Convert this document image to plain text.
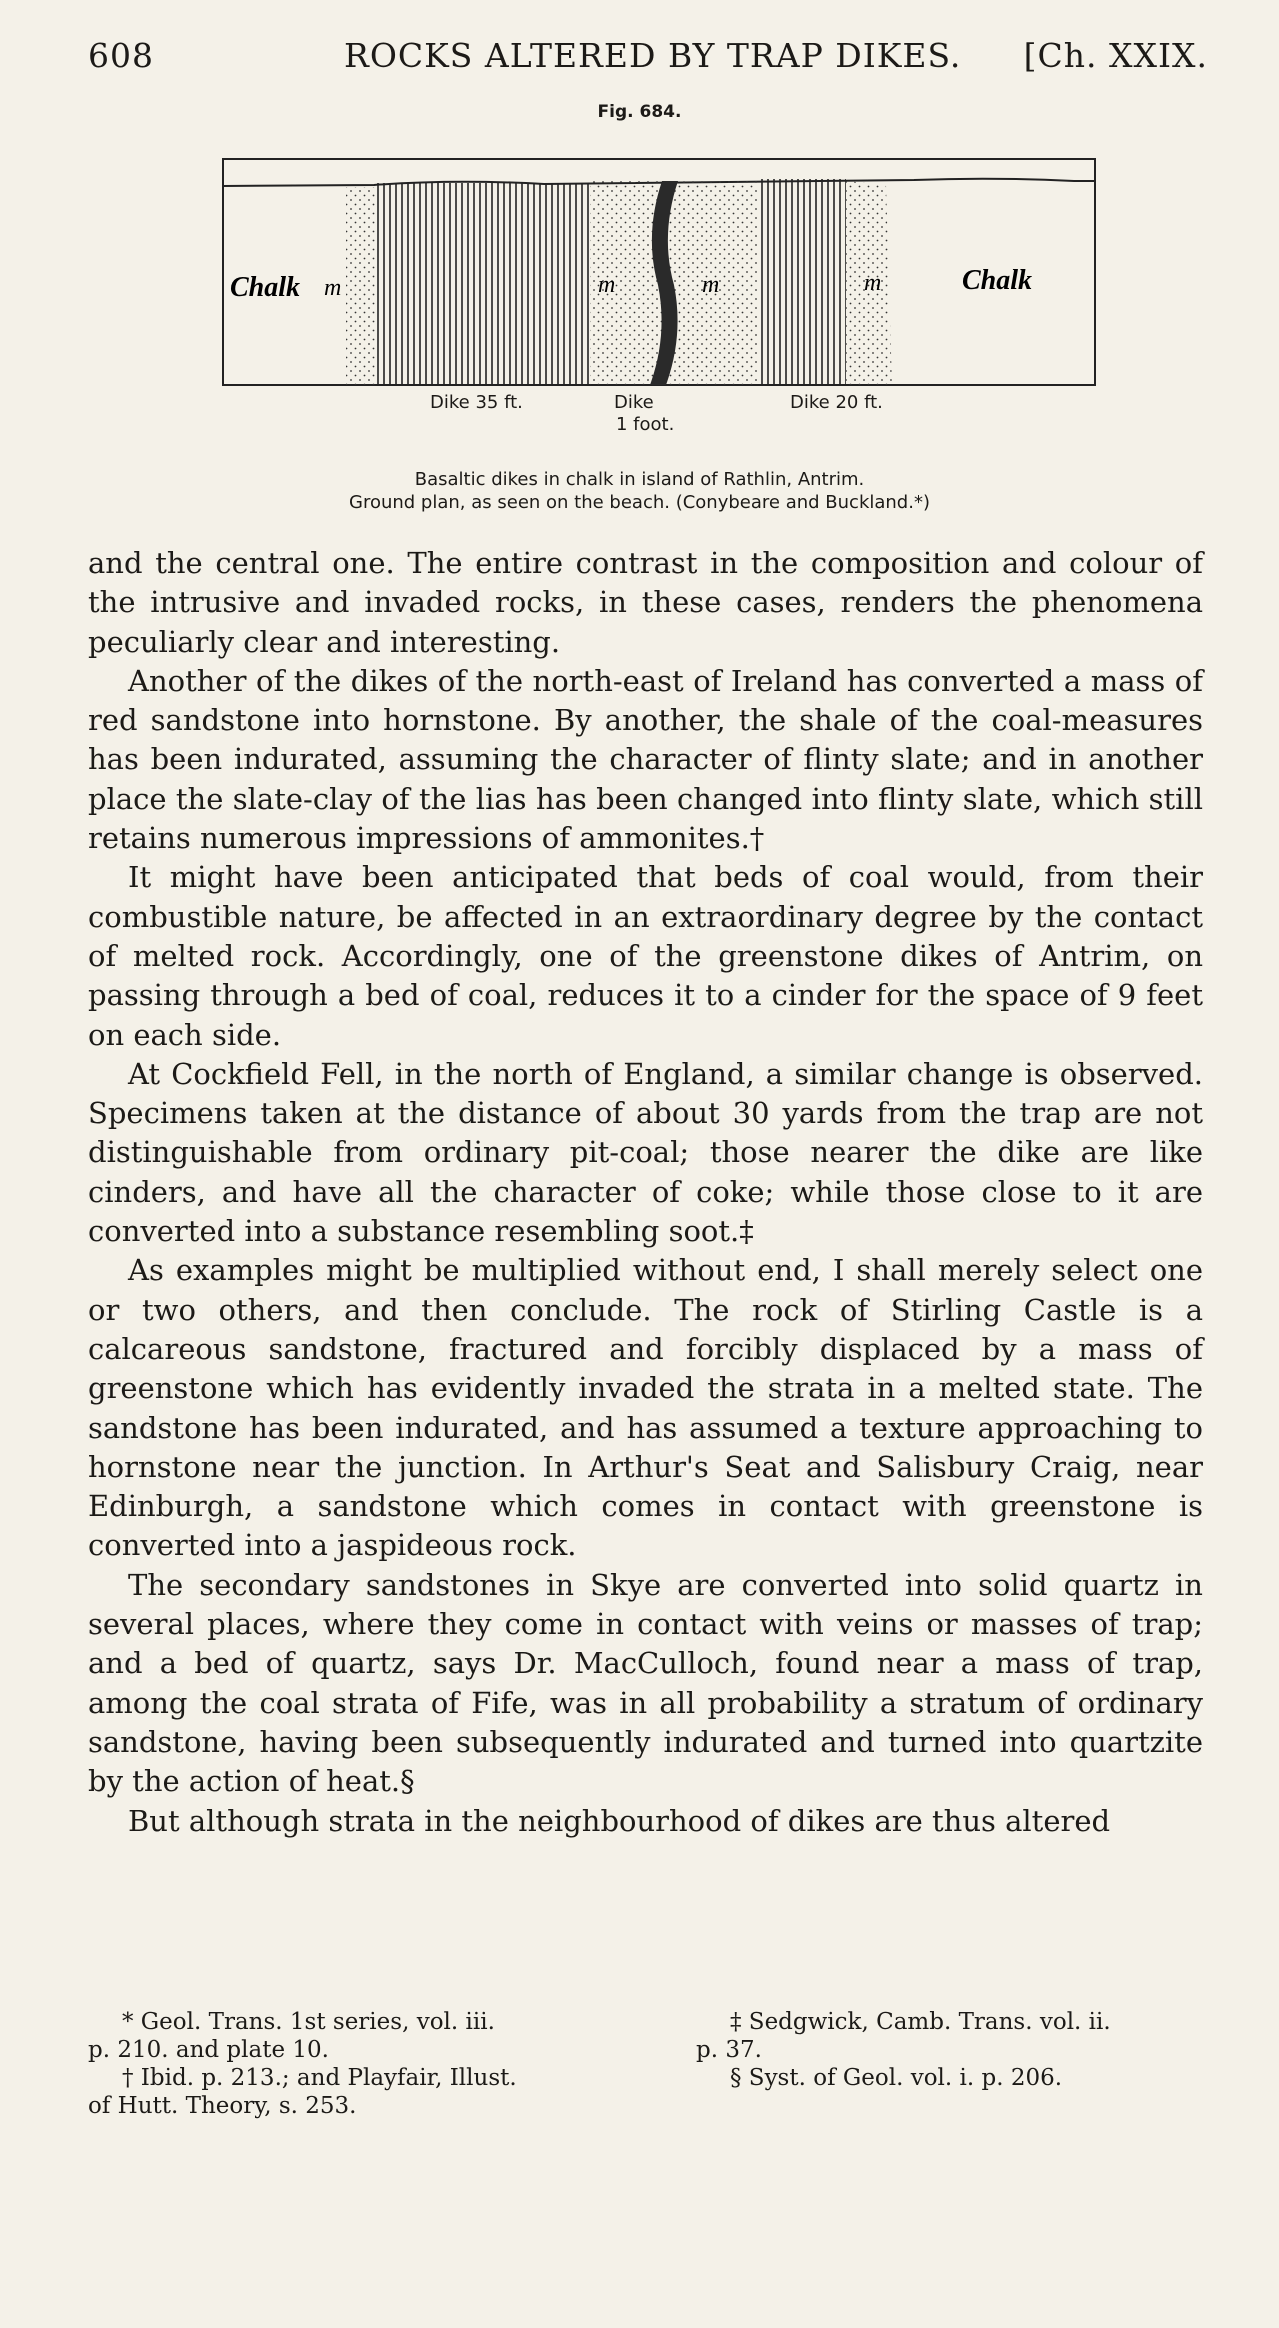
608	ROCKS ALTERED BY TRAP DIKES. [Ch. XXIX.
Fig. 684.
Chalk	Chalk
m	m	m	m
Dike 35 ft.	Dike
1 foot.
Dike 20 ft.
Basaltic dikes in chalk in island of Rathlin, Antrim.
Ground plan, as seen on the beach. (Conybeare and Buckland.*)

and the central one. The entire contrast in the composition and colour of the intrusive and invaded rocks, in these cases, renders the phenomena peculiarly clear and interesting.

Another of the dikes of the north-east of Ireland has converted a mass of red sandstone into hornstone. By another, the shale of the coal-measures has been indurated, assuming the character of flinty slate; and in another place the slate-clay of the lias has been changed into flinty slate, which still retains numerous impressions of ammonites.†

It might have been anticipated that beds of coal would, from their combustible nature, be affected in an extraordinary degree by the contact of melted rock. Accordingly, one of the greenstone dikes of Antrim, on passing through a bed of coal, reduces it to a cinder for the space of 9 feet on each side.

At Cockfield Fell, in the north of England, a similar change is observed. Specimens taken at the distance of about 30 yards from the trap are not distinguishable from ordinary pit-coal; those nearer the dike are like cinders, and have all the character of coke; while those close to it are converted into a substance resembling soot.‡

As examples might be multiplied without end, I shall merely select one or two others, and then conclude. The rock of Stirling Castle is a calcareous sandstone, fractured and forcibly displaced by a mass of greenstone which has evidently invaded the strata in a melted state. The sandstone has been indurated, and has assumed a texture approaching to hornstone near the junction. In Arthur's Seat and Salisbury Craig, near Edinburgh, a sandstone which comes in contact with greenstone is converted into a jaspideous rock.

The secondary sandstones in Skye are converted into solid quartz in several places, where they come in contact with veins or masses of trap; and a bed of quartz, says Dr. MacCulloch, found near a mass of trap, among the coal strata of Fife, was in all probability a stratum of ordinary sandstone, having been subsequently indurated and turned into quartzite by the action of heat.§

But although strata in the neighbourhood of dikes are thus altered

* Geol. Trans. 1st series, vol. iii.
p. 210. and plate 10.
† Ibid. p. 213.; and Playfair, Illust.
of Hutt. Theory, s. 253.
‡ Sedgwick, Camb. Trans. vol. ii.
p. 37.
§ Syst. of Geol. vol. i. p. 206.
